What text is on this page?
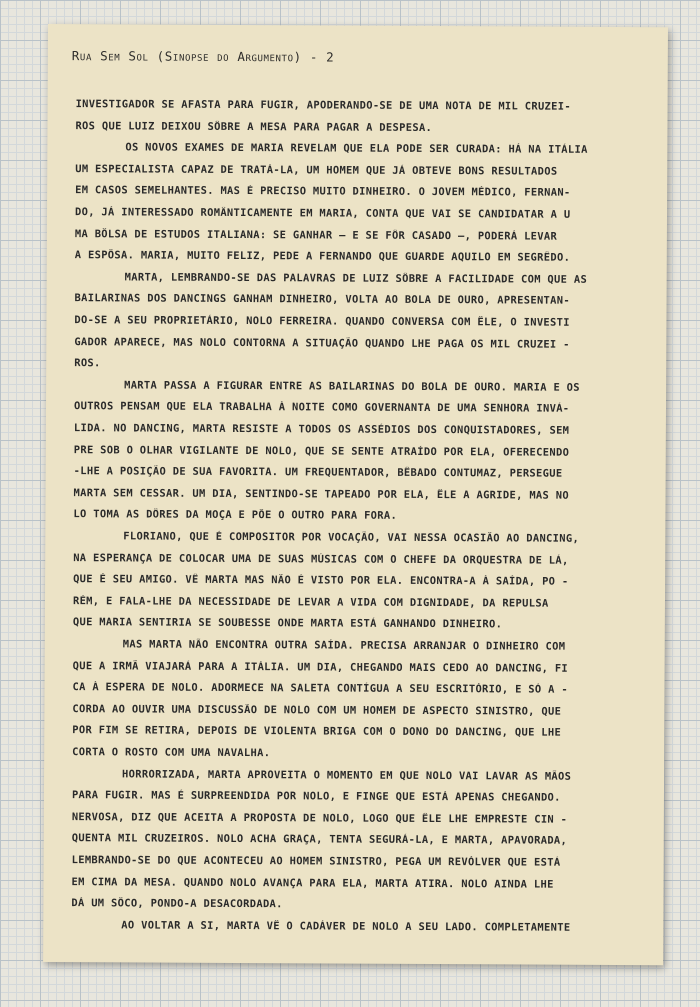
Rua Sem Sol (Sinopse do Argumento) - 2
INVESTIGADOR SE AFASTA PARA FUGIR, APODERANDO-SE DE UMA NOTA DE MIL CRUZEI-
ROS QUE LUIZ DEIXOU SÔBRE A MESA PARA PAGAR A DESPESA.
OS NOVOS EXAMES DE MARIA REVELAM QUE ELA PODE SER CURADA: HÁ NA ITÁLIA
UM ESPECIALISTA CAPAZ DE TRATÁ-LA, UM HOMEM QUE JÁ OBTEVE BONS RESULTADOS
EM CASOS SEMELHANTES. MAS É PRECISO MUITO DINHEIRO. O JOVEM MÉDICO, FERNAN-
DO, JÁ INTERESSADO ROMÂNTICAMENTE EM MARIA, CONTA QUE VAI SE CANDIDATAR A U
MA BÔLSA DE ESTUDOS ITALIANA: SE GANHAR — E SE FÔR CASADO —, PODERÁ LEVAR
A ESPÔSA. MARIA, MUITO FELIZ, PEDE A FERNANDO QUE GUARDE AQUILO EM SEGRÊDO.
MARTA, LEMBRANDO-SE DAS PALAVRAS DE LUIZ SÔBRE A FACILIDADE COM QUE AS
BAILARINAS DOS DANCINGS GANHAM DINHEIRO, VOLTA AO BOLA DE OURO, APRESENTAN-
DO-SE A SEU PROPRIETÁRIO, NOLO FERREIRA. QUANDO CONVERSA COM ÊLE, O INVESTI
GADOR APARECE, MAS NOLO CONTORNA A SITUAÇÃO QUANDO LHE PAGA OS MIL CRUZEI -
ROS.
MARTA PASSA A FIGURAR ENTRE AS BAILARINAS DO BOLA DE OURO. MARIA E OS
OUTROS PENSAM QUE ELA TRABALHA À NOITE COMO GOVERNANTA DE UMA SENHORA INVÁ-
LIDA. NO DANCING, MARTA RESISTE A TODOS OS ASSÉDIOS DOS CONQUISTADORES, SEM
PRE SOB O OLHAR VIGILANTE DE NOLO, QUE SE SENTE ATRAÍDO POR ELA, OFERECENDO
-LHE A POSIÇÃO DE SUA FAVORITA. UM FREQUENTADOR, BÊBADO CONTUMAZ, PERSEGUE
MARTA SEM CESSAR. UM DIA, SENTINDO-SE TAPEADO POR ELA, ÊLE A AGRIDE, MAS NO
LO TOMA AS DÔRES DA MOÇA E PÕE O OUTRO PARA FORA.
FLORIANO, QUE É COMPOSITOR POR VOCAÇÃO, VAI NESSA OCASIÃO AO DANCING,
NA ESPERANÇA DE COLOCAR UMA DE SUAS MÚSICAS COM O CHEFE DA ORQUESTRA DE LÁ,
QUE É SEU AMIGO. VÊ MARTA MAS NÃO É VISTO POR ELA. ENCONTRA-A À SAÍDA, PO -
RÉM, E FALA-LHE DA NECESSIDADE DE LEVAR A VIDA COM DIGNIDADE, DA REPULSA
QUE MARIA SENTIRIA SE SOUBESSE ONDE MARTA ESTÁ GANHANDO DINHEIRO.
MAS MARTA NÃO ENCONTRA OUTRA SAÍDA. PRECISA ARRANJAR O DINHEIRO COM
QUE A IRMÃ VIAJARÁ PARA A ITÁLIA. UM DIA, CHEGANDO MAIS CEDO AO DANCING, FI
CA À ESPERA DE NOLO. ADORMECE NA SALETA CONTÍGUA A SEU ESCRITÓRIO, E SÓ A -
CORDA AO OUVIR UMA DISCUSSÃO DE NOLO COM UM HOMEM DE ASPECTO SINISTRO, QUE
POR FIM SE RETIRA, DEPOIS DE VIOLENTA BRIGA COM O DONO DO DANCING, QUE LHE
CORTA O ROSTO COM UMA NAVALHA.
HORRORIZADA, MARTA APROVEITA O MOMENTO EM QUE NOLO VAI LAVAR AS MÃOS
PARA FUGIR. MAS É SURPREENDIDA POR NOLO, E FINGE QUE ESTÁ APENAS CHEGANDO.
NERVOSA, DIZ QUE ACEITA A PROPOSTA DE NOLO, LOGO QUE ÊLE LHE EMPRESTE CIN -
QUENTA MIL CRUZEIROS. NOLO ACHA GRAÇA, TENTA SEGURÁ-LA, E MARTA, APAVORADA,
LEMBRANDO-SE DO QUE ACONTECEU AO HOMEM SINISTRO, PEGA UM REVÓLVER QUE ESTÁ
EM CIMA DA MESA. QUANDO NOLO AVANÇA PARA ELA, MARTA ATIRA. NOLO AINDA LHE
DÁ UM SÔCO, PONDO-A DESACORDADA.
AO VOLTAR A SI, MARTA VÊ O CADÁVER DE NOLO A SEU LADO. COMPLETAMENTE
